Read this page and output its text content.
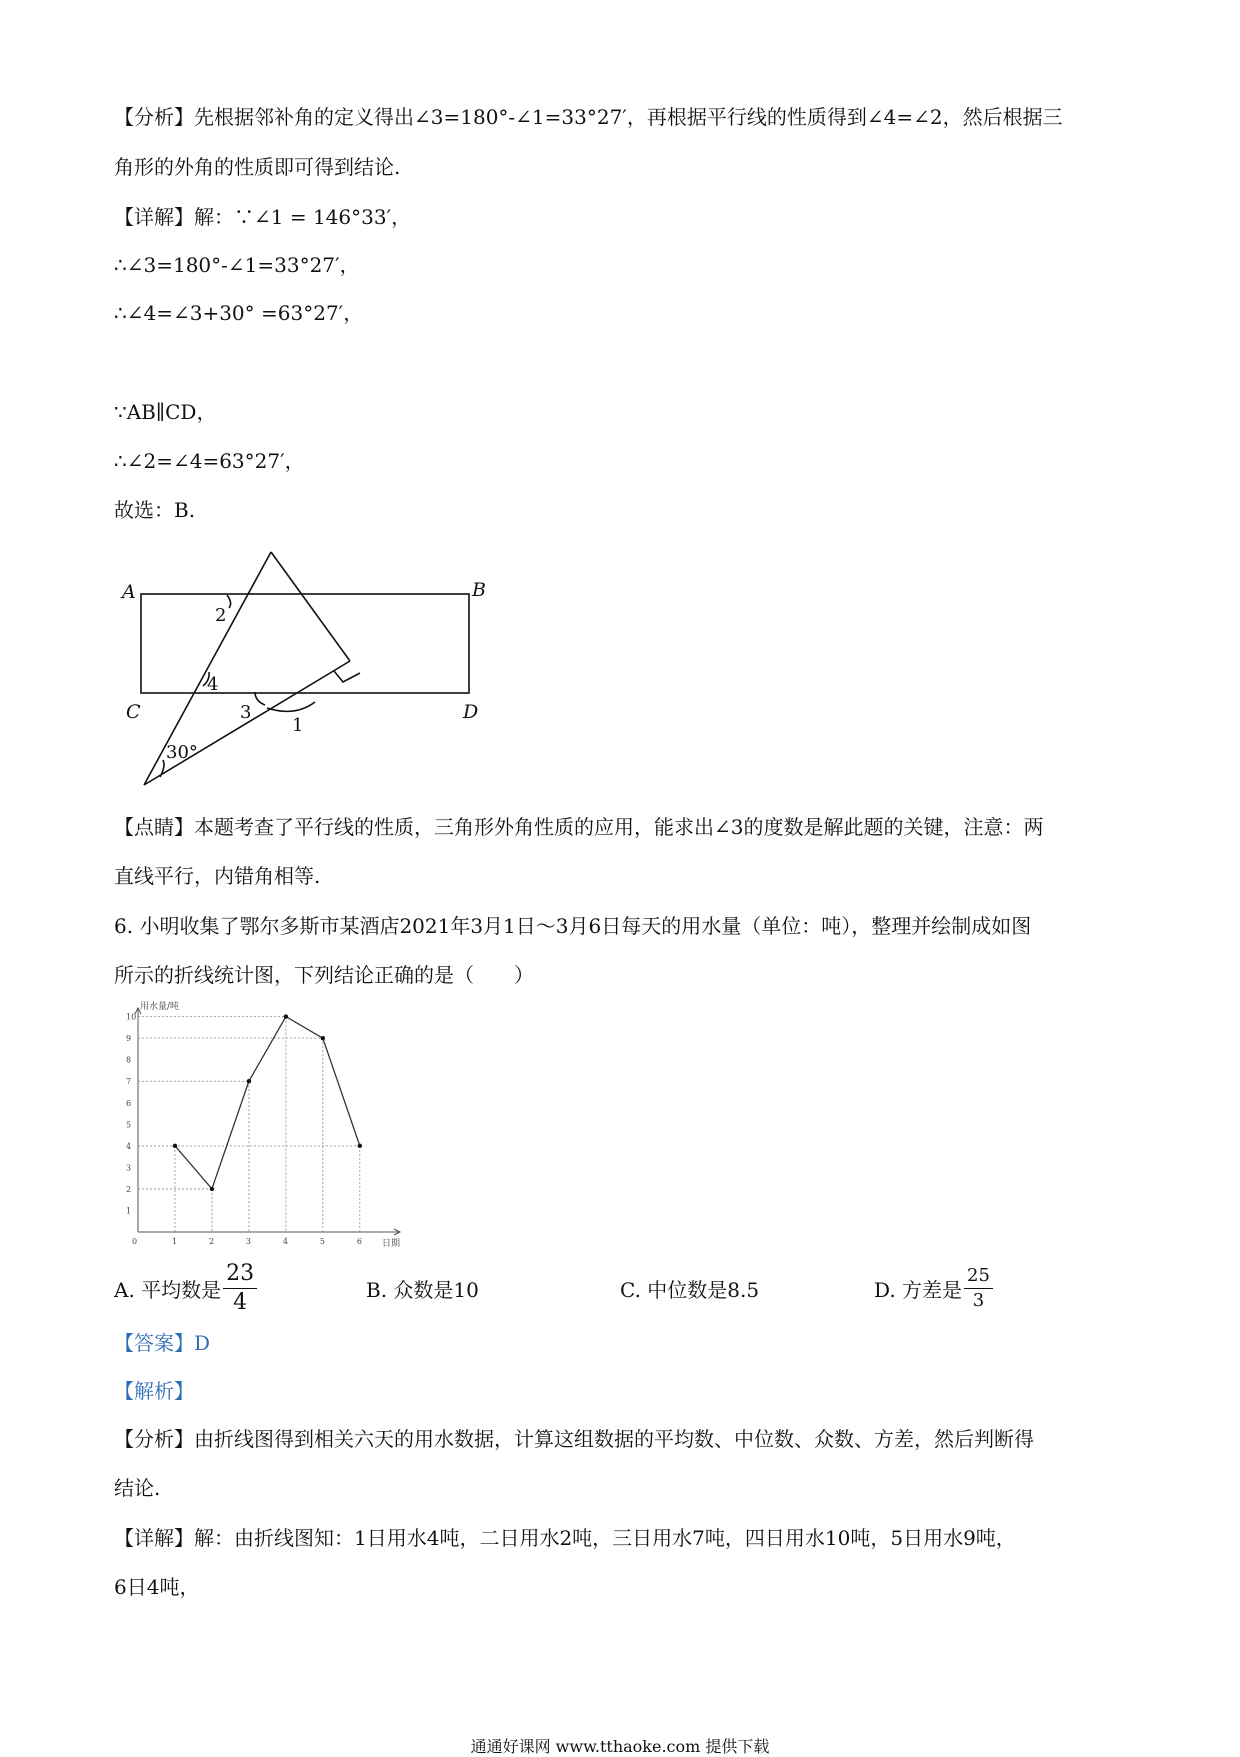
【分析】先根据邻补角的定义得出∠3=180°-∠1=33°27′，再根据平行线的性质得到∠4=∠2，然后根据三
角形的外角的性质即可得到结论.
【详解】解：∵∠1 = 146°33′，
∴∠3=180°-∠1=33°27′，
∴∠4=∠3+30° =63°27′，
∵AB∥CD，
∴∠2=∠4=63°27′，
故选：B.
A	B
C	D
2
4
3
1
30°
【点睛】本题考查了平行线的性质，三角形外角性质的应用，能求出∠3的度数是解此题的关键，注意：两
直线平行，内错角相等.
6. 小明收集了鄂尔多斯市某酒店2021年3月1日～3月6日每天的用水量（单位：吨），整理并绘制成如图
所示的折线统计图，下列结论正确的是（　　）
1
2
3
4
5
6
7
8
9
10
1	2	3	4	5	6
用水量/吨
日期
0
A. 平均数是 $\frac{23}{4}$	B. 众数是10	C. 中位数是8.5	D. 方差是 $\frac{25}{3}$
【答案】D
【解析】
【分析】由折线图得到相关六天的用水数据，计算这组数据的平均数、中位数、众数、方差，然后判断得
结论.
【详解】解：由折线图知：1日用水4吨，二日用水2吨，三日用水7吨，四日用水10吨，5日用水9吨，
6日4吨，
通通好课网 www.tthaoke.com 提供下载
